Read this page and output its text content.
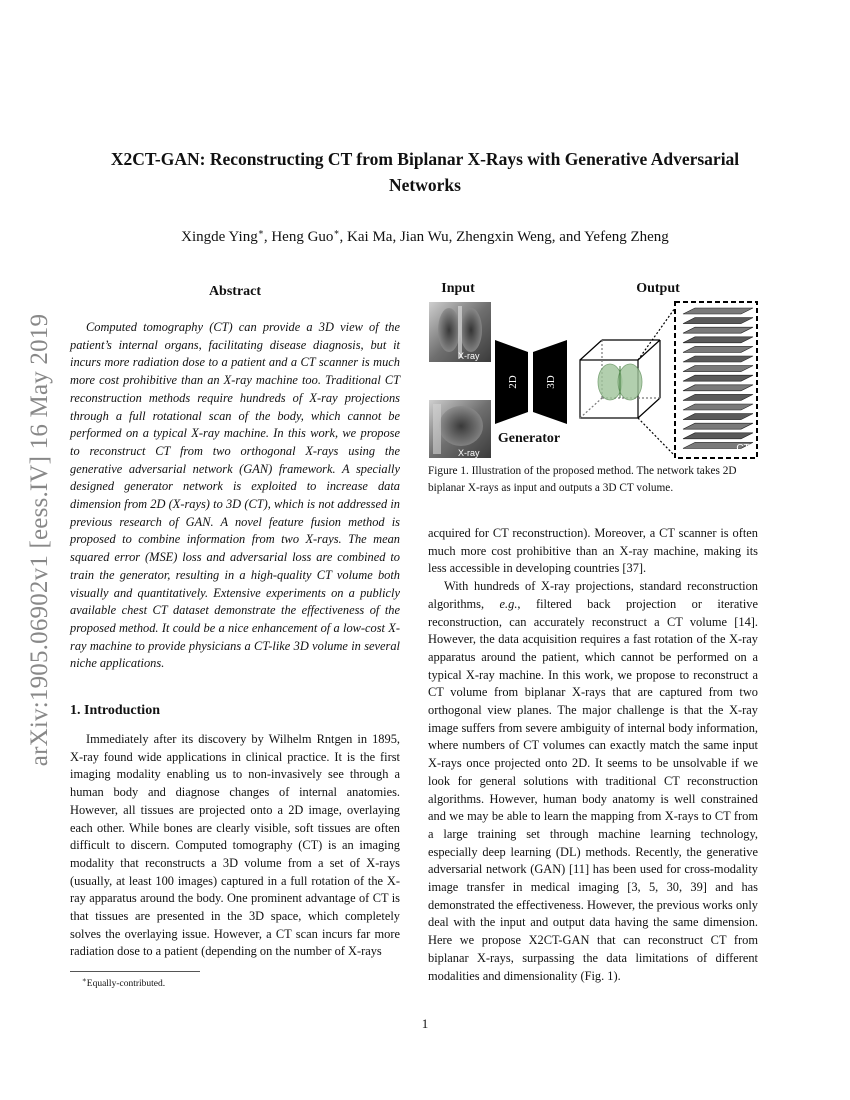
arXiv:1905.06902v1 [eess.IV] 16 May 2019
X2CT-GAN: Reconstructing CT from Biplanar X-Rays with Generative Adversarial Networks
Xingde Ying∗, Heng Guo∗, Kai Ma, Jian Wu, Zhengxin Weng, and Yefeng Zheng
Abstract

Computed tomography (CT) can provide a 3D view of the patient’s internal organs, facilitating disease diagnosis, but it incurs more radiation dose to a patient and a CT scanner is much more cost prohibitive than an X-ray machine too. Traditional CT reconstruction methods require hundreds of X-ray projections through a full rotational scan of the body, which cannot be performed on a typical X-ray machine. In this work, we propose to reconstruct CT from two orthogonal X-rays using the generative adversarial network (GAN) framework. A specially designed generator network is exploited to increase data dimension from 2D (X-rays) to 3D (CT), which is not addressed in previous research of GAN. A novel feature fusion method is proposed to combine information from two X-rays. The mean squared error (MSE) loss and adversarial loss are combined to train the generator, resulting in a high-quality CT volume both visually and quantitatively. Extensive experiments on a publicly available chest CT dataset demonstrate the effectiveness of the proposed method. It could be a nice enhancement of a low-cost X-ray machine to provide physicians a CT-like 3D volume in several niche applications.

1. Introduction

Immediately after its discovery by Wilhelm Rntgen in 1895, X-ray found wide applications in clinical practice. It is the first imaging modality enabling us to non-invasively see through a human body and diagnose changes of internal anatomies. However, all tissues are projected onto a 2D image, overlaying each other. While bones are clearly visible, soft tissues are often difficult to discern. Computed tomography (CT) is an imaging modality that reconstructs a 3D volume from a set of X-rays (usually, at least 100 images) captured in a full rotation of the X-ray apparatus around the body. One prominent advantage of CT is that tissues are presented in the 3D space, which completely solves the overlaying issue. However, a CT scan incurs far more radiation dose to a patient (depending on the number of X-rays

∗Equally-contributed.
Input	Output
X-ray
X-ray
2D 3D
Generator
CT

Figure 1. Illustration of the proposed method. The network takes 2D biplanar X-rays as input and outputs a 3D CT volume.

acquired for CT reconstruction). Moreover, a CT scanner is often much more cost prohibitive than an X-ray machine, making its less accessible in developing countries [37].

With hundreds of X-ray projections, standard reconstruction algorithms, e.g., filtered back projection or iterative reconstruction, can accurately reconstruct a CT volume [14]. However, the data acquisition requires a fast rotation of the X-ray apparatus around the patient, which cannot be performed on a typical X-ray machine. In this work, we propose to reconstruct a CT volume from biplanar X-rays that are captured from two orthogonal view planes. The major challenge is that the X-ray image suffers from severe ambiguity of internal body information, where numbers of CT volumes can exactly match the same input X-rays once projected onto 2D. It seems to be unsolvable if we look for general solutions with traditional CT reconstruction algorithms. However, human body anatomy is well constrained and we may be able to learn the mapping from X-rays to CT from a large training set through machine learning technology, especially deep learning (DL) methods. Recently, the generative adversarial network (GAN) [11] has been used for cross-modality image transfer in medical imaging [3, 5, 30, 39] and has demonstrated the effectiveness. However, the previous works only deal with the input and output data having the same dimension. Here we propose X2CT-GAN that can reconstruct CT from biplanar X-rays, surpassing the data limitations of different modalities and dimensionality (Fig. 1).

1
